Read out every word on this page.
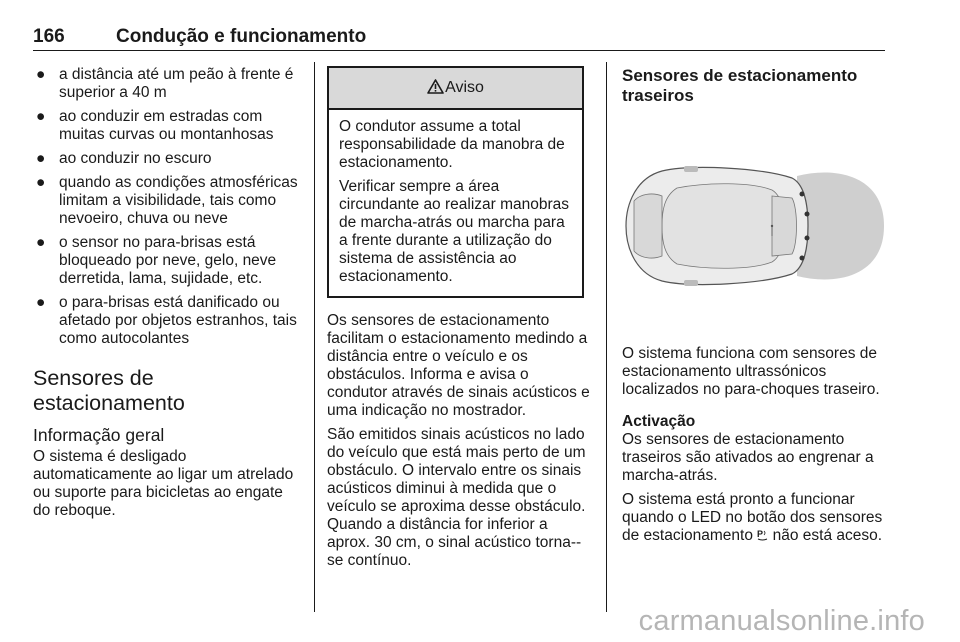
166	Condução e funcionamento
● a distância até um peão à frente é superior a 40 m
● ao conduzir em estradas com muitas curvas ou montanhosas
● ao conduzir no escuro
● quando as condições atmosféricas limitam a visibilidade, tais como nevoeiro, chuva ou neve
● o sensor no para-brisas está bloqueado por neve, gelo, neve derretida, lama, sujidade, etc.
● o para-brisas está danificado ou afetado por objetos estranhos, tais como autocolantes
Sensores de estacionamento
Informação geral

O sistema é desligado automaticamente ao ligar um atrelado ou suporte para bicicletas ao engate do reboque.

Aviso

O condutor assume a total responsabilidade da manobra de estacionamento.

Verificar sempre a área circundante ao realizar manobras de marcha-atrás ou marcha para a frente durante a utilização do sistema de assistência ao estacionamento.

Os sensores de estacionamento facilitam o estacionamento medindo a distância entre o veículo e os obstáculos. Informa e avisa o condutor através de sinais acústicos e uma indicação no mostrador.

São emitidos sinais acústicos no lado do veículo que está mais perto de um obstáculo. O intervalo entre os sinais acústicos diminui à medida que o veículo se aproxima desse obstáculo. Quando a distância for inferior a aprox. 30 cm, o sinal acústico torna--se contínuo.

Sensores de estacionamento traseiros

O sistema funciona com sensores de estacionamento ultrassónicos localizados no para-choques traseiro.

Activação

Os sensores de estacionamento traseiros são ativados ao engrenar a marcha-atrás.

O sistema está pronto a funcionar quando o LED no botão dos sensores de estacionamento P não está aceso.

carmanualsonline.info
